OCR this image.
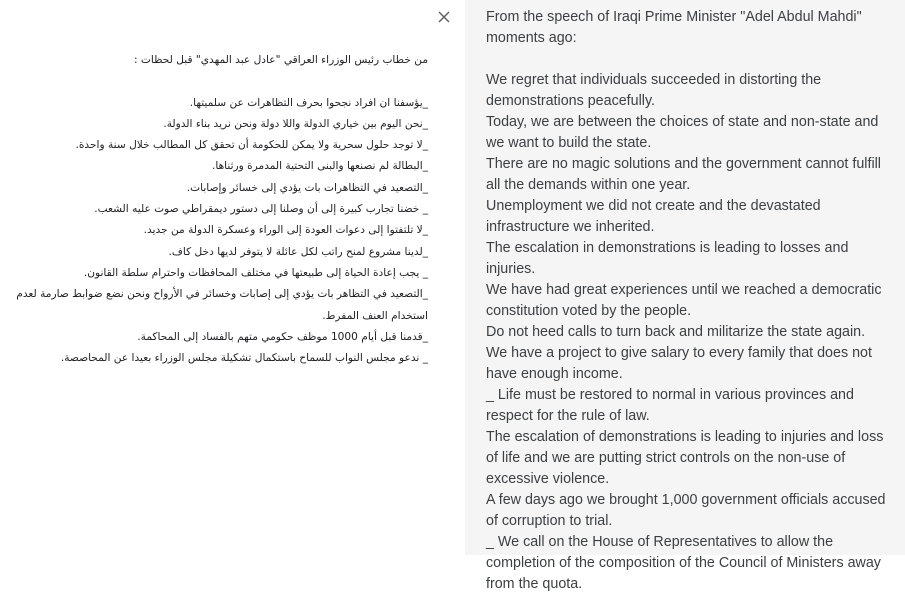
من خطاب رئيس الوزراء العراقي "عادل عبد المهدي" قبل لحظات :
_يؤسفنا ان افراد نجحوا بحرف التظاهرات عن سلميتها.
_نحن اليوم بين خياري الدولة واللا دولة ونحن نريد بناء الدولة.
_لا توجد حلول سحرية ولا يمكن للحكومة أن تحقق كل المطالب خلال سنة واحدة.
_البطالة لم نصنعها والبنى التحتية المدمرة ورثناها.
_التصعيد في التظاهرات بات يؤدي إلى خسائر وإصابات.
_ خضنا تجارب كبيرة إلى أن وصلنا إلى دستور ديمقراطي صوت عليه الشعب.
_لا تلتفتوا إلى دعوات العودة إلى الوراء وعسكرة الدولة من جديد.
_لدينا مشروع لمنح راتب لكل عائلة لا يتوفر لديها دخل كاف.
_ يجب إعادة الحياة إلى طبيعتها في مختلف المحافظات واحترام سلطة القانون.
_التصعيد في التظاهر بات يؤدي إلى إصابات وخسائر في الأرواح ونحن نضع ضوابط صارمة لعدم استخدام العنف المفرط.
_قدمنا قبل أيام 1000 موظف حكومي متهم بالفساد إلى المحاكمة.
_ ندعو مجلس النواب للسماح باستكمال تشكيلة مجلس الوزراء بعيدا عن المحاصصة.
From the speech of Iraqi Prime Minister "Adel Abdul Mahdi"
moments ago:
We regret that individuals succeeded in distorting the demonstrations peacefully.
Today, we are between the choices of state and non-state and we want to build the state.
There are no magic solutions and the government cannot fulfill all the demands within one year.
Unemployment we did not create and the devastated infrastructure we inherited.
The escalation in demonstrations is leading to losses and injuries.
We have had great experiences until we reached a democratic constitution voted by the people.
Do not heed calls to turn back and militarize the state again.
We have a project to give salary to every family that does not have enough income.
_ Life must be restored to normal in various provinces and respect for the rule of law.
The escalation of demonstrations is leading to injuries and loss of life and we are putting strict controls on the non-use of excessive violence.
A few days ago we brought 1,000 government officials accused of corruption to trial.
_ We call on the House of Representatives to allow the completion of the composition of the Council of Ministers away from the quota.
